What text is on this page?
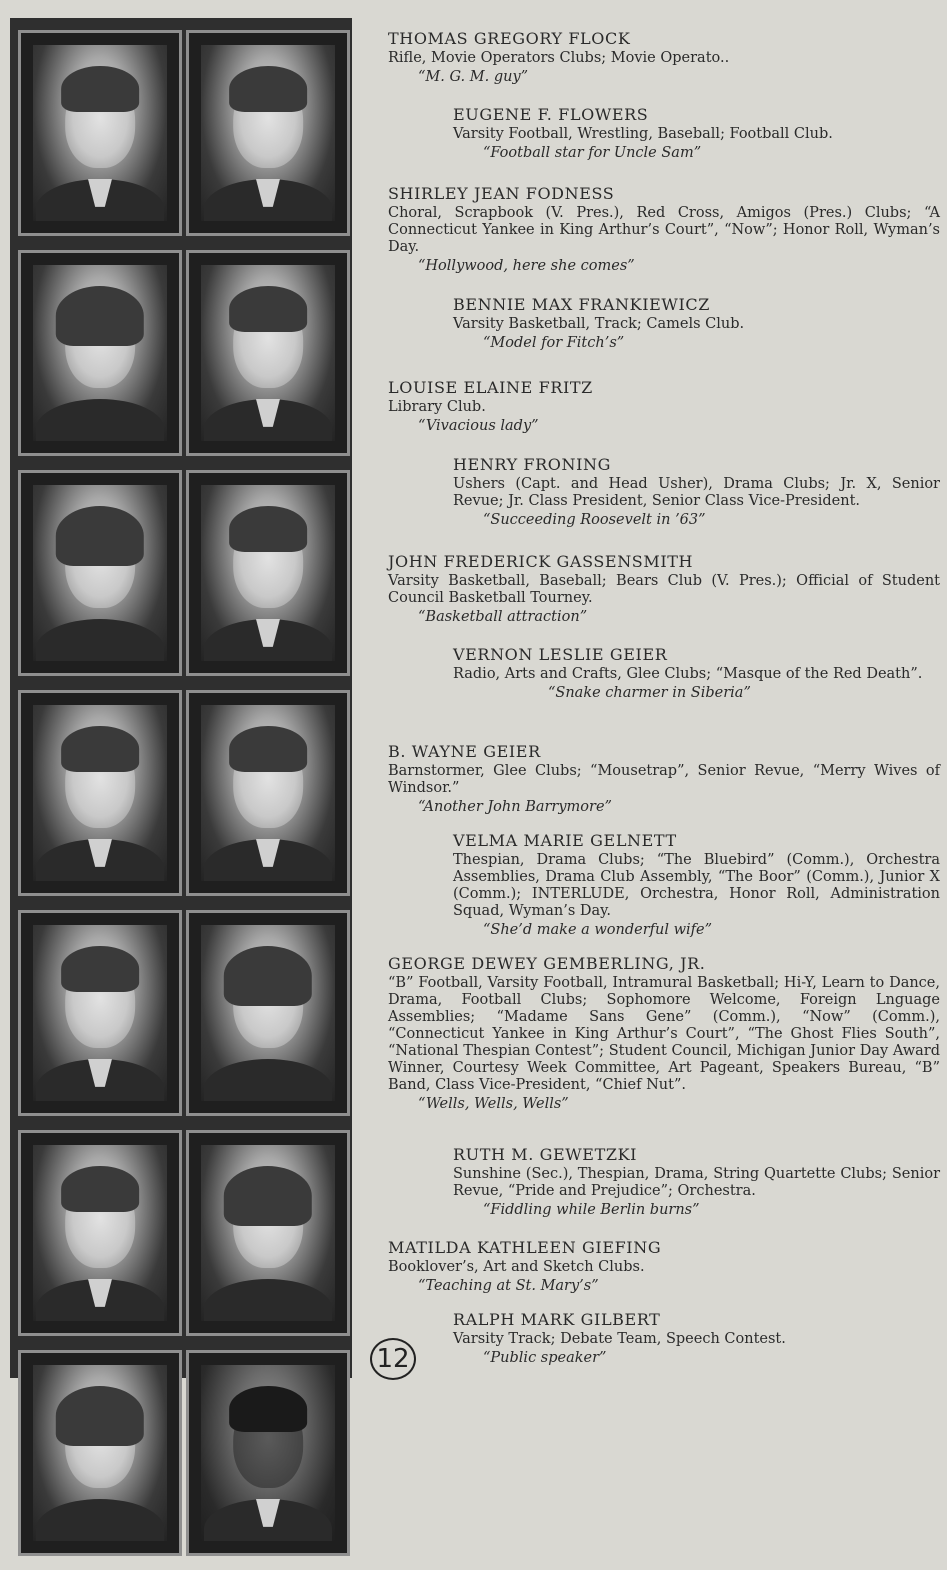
THOMAS GREGORY FLOCK
Rifle, Movie Operators Clubs; Movie Operato..
“M. G. M. guy”
EUGENE F. FLOWERS
Varsity Football, Wrestling, Baseball; Football Club.
“Football star for Uncle Sam”
SHIRLEY JEAN FODNESS
Choral, Scrapbook (V. Pres.), Red Cross, Amigos (Pres.) Clubs; “A Connecticut Yankee in King Arthur’s Court”, “Now”; Honor Roll, Wyman’s Day.
“Hollywood, here she comes”
BENNIE MAX FRANKIEWICZ
Varsity Basketball, Track; Camels Club.
“Model for Fitch’s”
LOUISE ELAINE FRITZ
Library Club.
“Vivacious lady”
HENRY FRONING
Ushers (Capt. and Head Usher), Drama Clubs; Jr. X, Senior Revue; Jr. Class President, Senior Class Vice-President.
“Succeeding Roosevelt in ’63”
JOHN FREDERICK GASSENSMITH
Varsity Basketball, Baseball; Bears Club (V. Pres.); Official of Student Council Basketball Tourney.
“Basketball attraction”
VERNON LESLIE GEIER
Radio, Arts and Crafts, Glee Clubs; “Masque of the Red Death”.
“Snake charmer in Siberia”
B. WAYNE GEIER
Barnstormer, Glee Clubs; “Mousetrap”, Senior Revue, “Merry Wives of Windsor.”
“Another John Barrymore”
VELMA MARIE GELNETT
Thespian, Drama Clubs; “The Bluebird” (Comm.), Orchestra Assemblies, Drama Club Assembly, “The Boor” (Comm.), Junior X (Comm.); INTERLUDE, Orchestra, Honor Roll, Administration Squad, Wyman’s Day.
“She’d make a wonderful wife”
GEORGE DEWEY GEMBERLING, JR.
“B” Football, Varsity Football, Intramural Basketball; Hi-Y, Learn to Dance, Drama, Football Clubs; Sophomore Welcome, Foreign Lnguage Assemblies; “Madame Sans Gene” (Comm.), “Now” (Comm.), “Connecticut Yankee in King Arthur’s Court”, “The Ghost Flies South”, “National Thespian Contest”; Student Council, Michigan Junior Day Award Winner, Courtesy Week Committee, Art Pageant, Speakers Bureau, “B” Band, Class Vice-President, “Chief Nut”.
“Wells, Wells, Wells”
RUTH M. GEWETZKI
Sunshine (Sec.), Thespian, Drama, String Quartette Clubs; Senior Revue, “Pride and Prejudice”; Orchestra.
“Fiddling while Berlin burns”
MATILDA KATHLEEN GIEFING
Booklover’s, Art and Sketch Clubs.
“Teaching at St. Mary’s”
RALPH MARK GILBERT
Varsity Track; Debate Team, Speech Contest.
“Public speaker”
12
